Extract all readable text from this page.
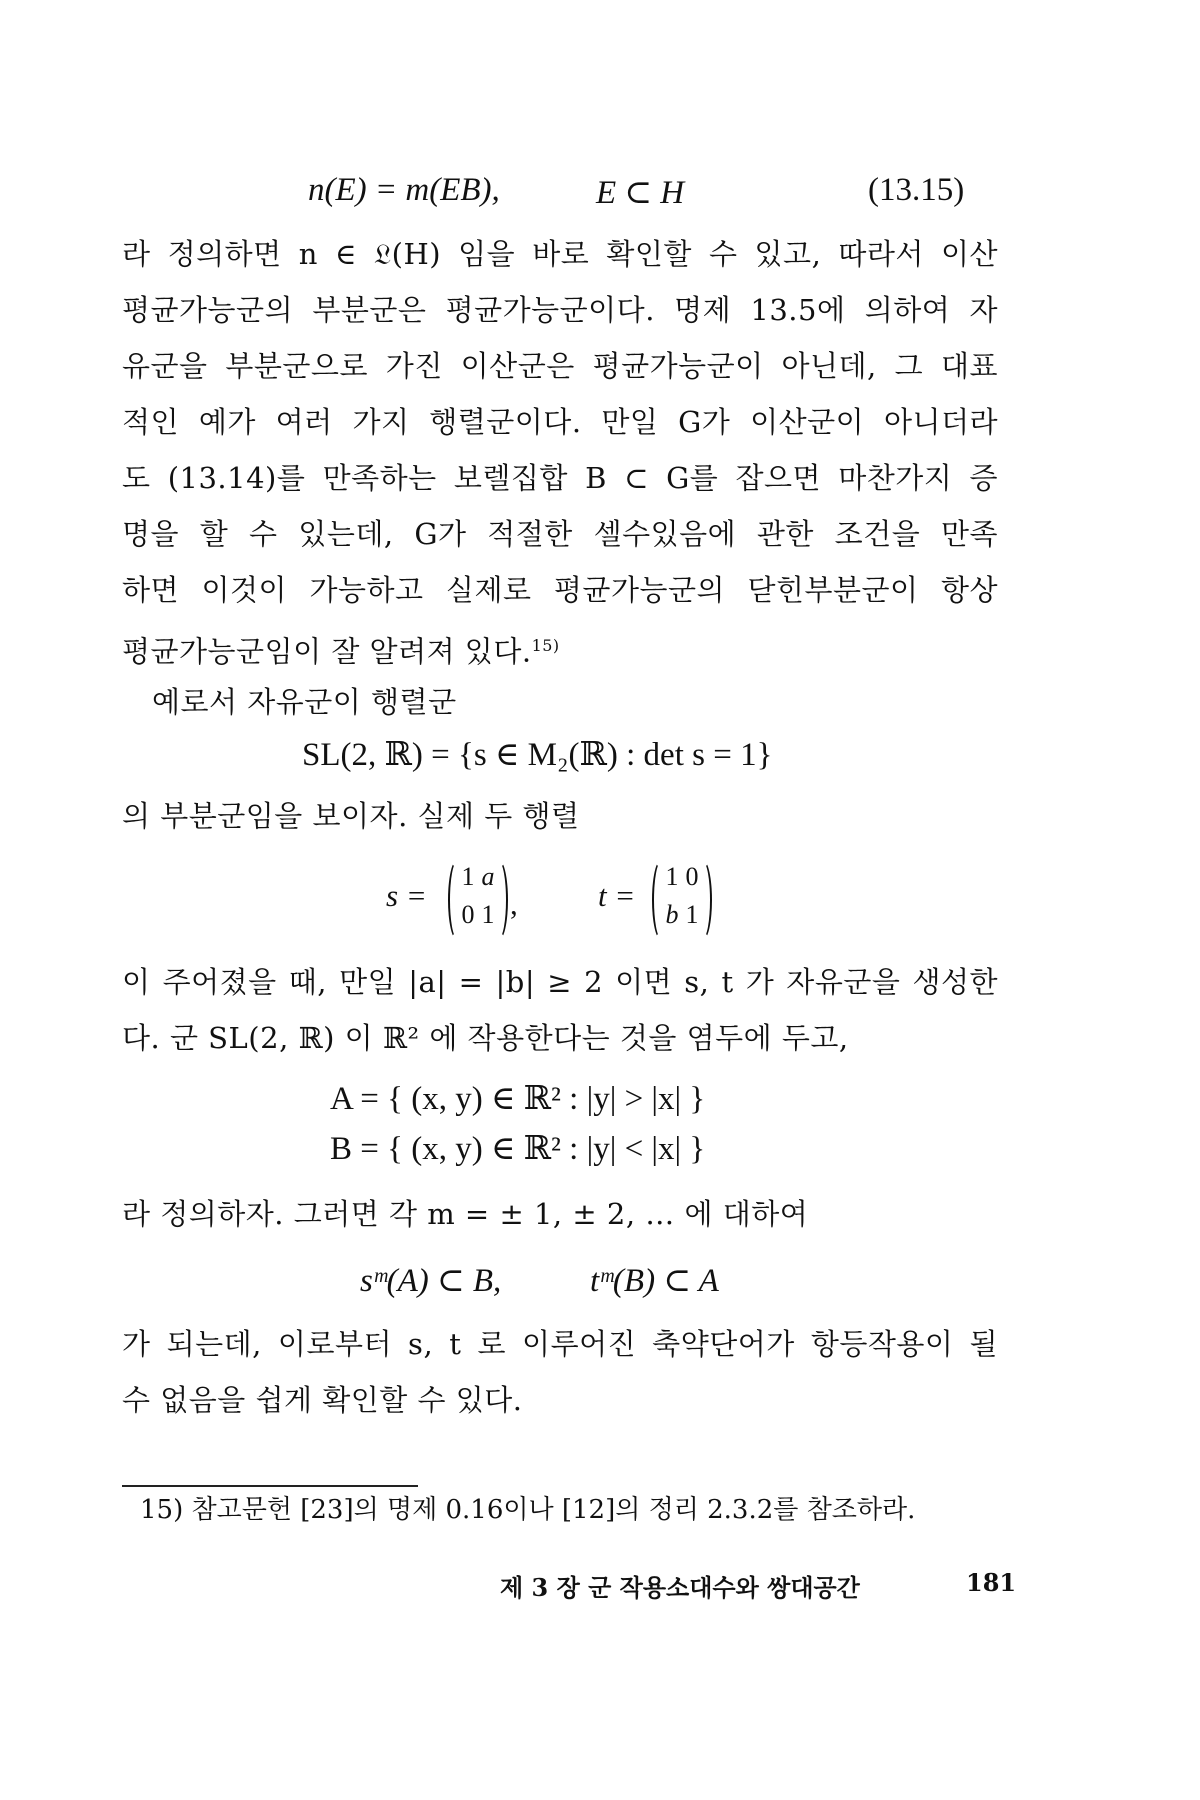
n(E) = m(EB),	E ⊂ H	(13.15)
라 정의하면 n ∈ 𝔏(H) 임을 바로 확인할 수 있고, 따라서 이산
평균가능군의 부분군은 평균가능군이다. 명제 13.5에 의하여 자
유군을 부분군으로 가진 이산군은 평균가능군이 아닌데, 그 대표
적인 예가 여러 가지 행렬군이다. 만일 G가 이산군이 아니더라
도 (13.14)를 만족하는 보렐집합 B ⊂ G를 잡으면 마찬가지 증
명을 할 수 있는데, G가 적절한 셀수있음에 관한 조건을 만족
하면 이것이 가능하고 실제로 평균가능군의 닫힌부분군이 항상
평균가능군임이 잘 알려져 있다.$^{15)}$
예로서 자유군이 행렬군
SL(2, ℝ) = {s ∈ M₂(ℝ) : det s = 1}
의 부분군임을 보이자. 실제 두 행렬
s =
1 a
0 1 ,	t =
1 0
b 1
이 주어졌을 때, 만일 |a| = |b| ≥ 2 이면 s, t 가 자유군을 생성한
다. 군 SL(2, ℝ) 이 ℝ² 에 작용한다는 것을 염두에 두고,
A = { (x, y) ∈ ℝ² : |y| > |x| }
B = { (x, y) ∈ ℝ² : |y| < |x| }
라 정의하자. 그러면 각 m = ± 1, ± 2, … 에 대하여
sᵐ(A) ⊂ B,	tᵐ(B) ⊂ A
가 되는데, 이로부터 s, t 로 이루어진 축약단어가 항등작용이 될
수 없음을 쉽게 확인할 수 있다.
15) 참고문헌 [23]의 명제 0.16이나 [12]의 정리 2.3.2를 참조하라.
제 3 장 군 작용소대수와 쌍대공간	181
